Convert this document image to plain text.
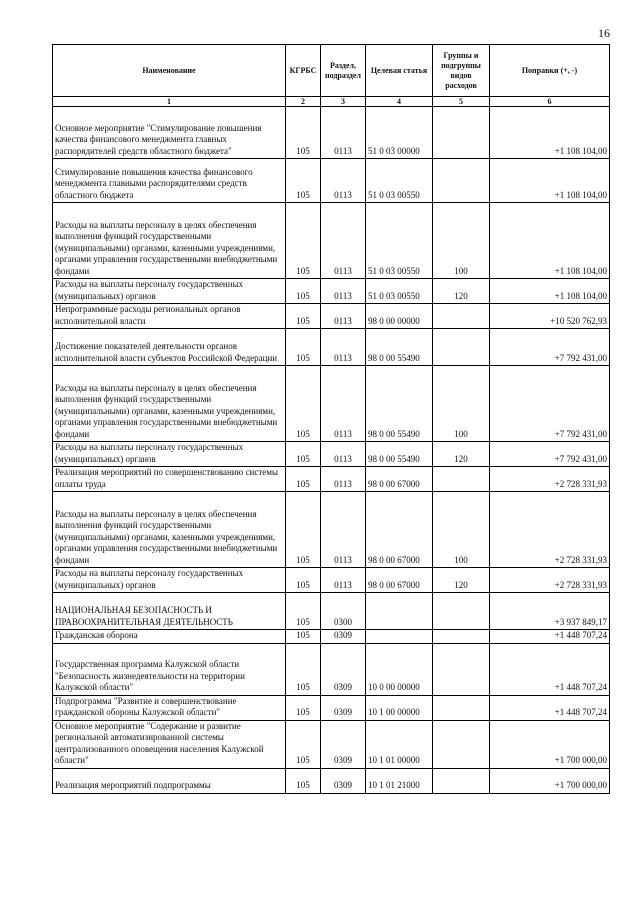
16
Наименование	КГРБС	Раздел, подраздел	Целевая статья	Группы и подгруппы видов расходов	Поправки (+, -)
1	2	3	4	5	6
Основное мероприятие "Стимулирование повышения качества финансового менеджмента главных распорядителей средств областного бюджета"	105	0113	51 0 03 00000		+1 108 104,00
Стимулирование повышения качества финансового менеджмента главными распорядителями средств областного бюджета	105	0113	51 0 03 00550		+1 108 104,00
Расходы на выплаты персоналу в целях обеспечения выполнения функций государственными (муниципальными) органами, казенными учреждениями, органами управления государственными внебюджетными фондами	105	0113	51 0 03 00550	100	+1 108 104,00
Расходы на выплаты персоналу государственных (муниципальных) органов	105	0113	51 0 03 00550	120	+1 108 104,00
Непрограммные расходы региональных органов исполнительной власти	105	0113	98 0 00 00000		+10 520 762,93
Достижение показателей деятельности органов исполнительной власти субъектов Российской Федерации	105	0113	98 0 00 55490		+7 792 431,00
Расходы на выплаты персоналу в целях обеспечения выполнения функций государственными (муниципальными) органами, казенными учреждениями, органами управления государственными внебюджетными фондами	105	0113	98 0 00 55490	100	+7 792 431,00
Расходы на выплаты персоналу государственных (муниципальных) органов	105	0113	98 0 00 55490	120	+7 792 431,00
Реализация мероприятий по совершенствованию системы оплаты труда	105	0113	98 0 00 67000		+2 728 331,93
Расходы на выплаты персоналу в целях обеспечения выполнения функций государственными (муниципальными) органами, казенными учреждениями, органами управления государственными внебюджетными фондами	105	0113	98 0 00 67000	100	+2 728 331,93
Расходы на выплаты персоналу государственных (муниципальных) органов	105	0113	98 0 00 67000	120	+2 728 331,93
НАЦИОНАЛЬНАЯ БЕЗОПАСНОСТЬ И ПРАВООХРАНИТЕЛЬНАЯ ДЕЯТЕЛЬНОСТЬ	105	0300			+3 937 849,17
Гражданская оборона	105	0309			+1 448 707,24
Государственная программа Калужской области "Безопасность жизнедеятельности на территории Калужской области"	105	0309	10 0 00 00000		+1 448 707,24
Подпрограмма "Развитие и совершенствование гражданской обороны Калужской области"	105	0309	10 1 00 00000		+1 448 707,24
Основное мероприятие "Содержание и развитие региональной автоматизированной системы централизованного оповещения населения Калужской области"	105	0309	10 1 01 00000		+1 700 000,00
Реализация мероприятий подпрограммы	105	0309	10 1 01 21000		+1 700 000,00
